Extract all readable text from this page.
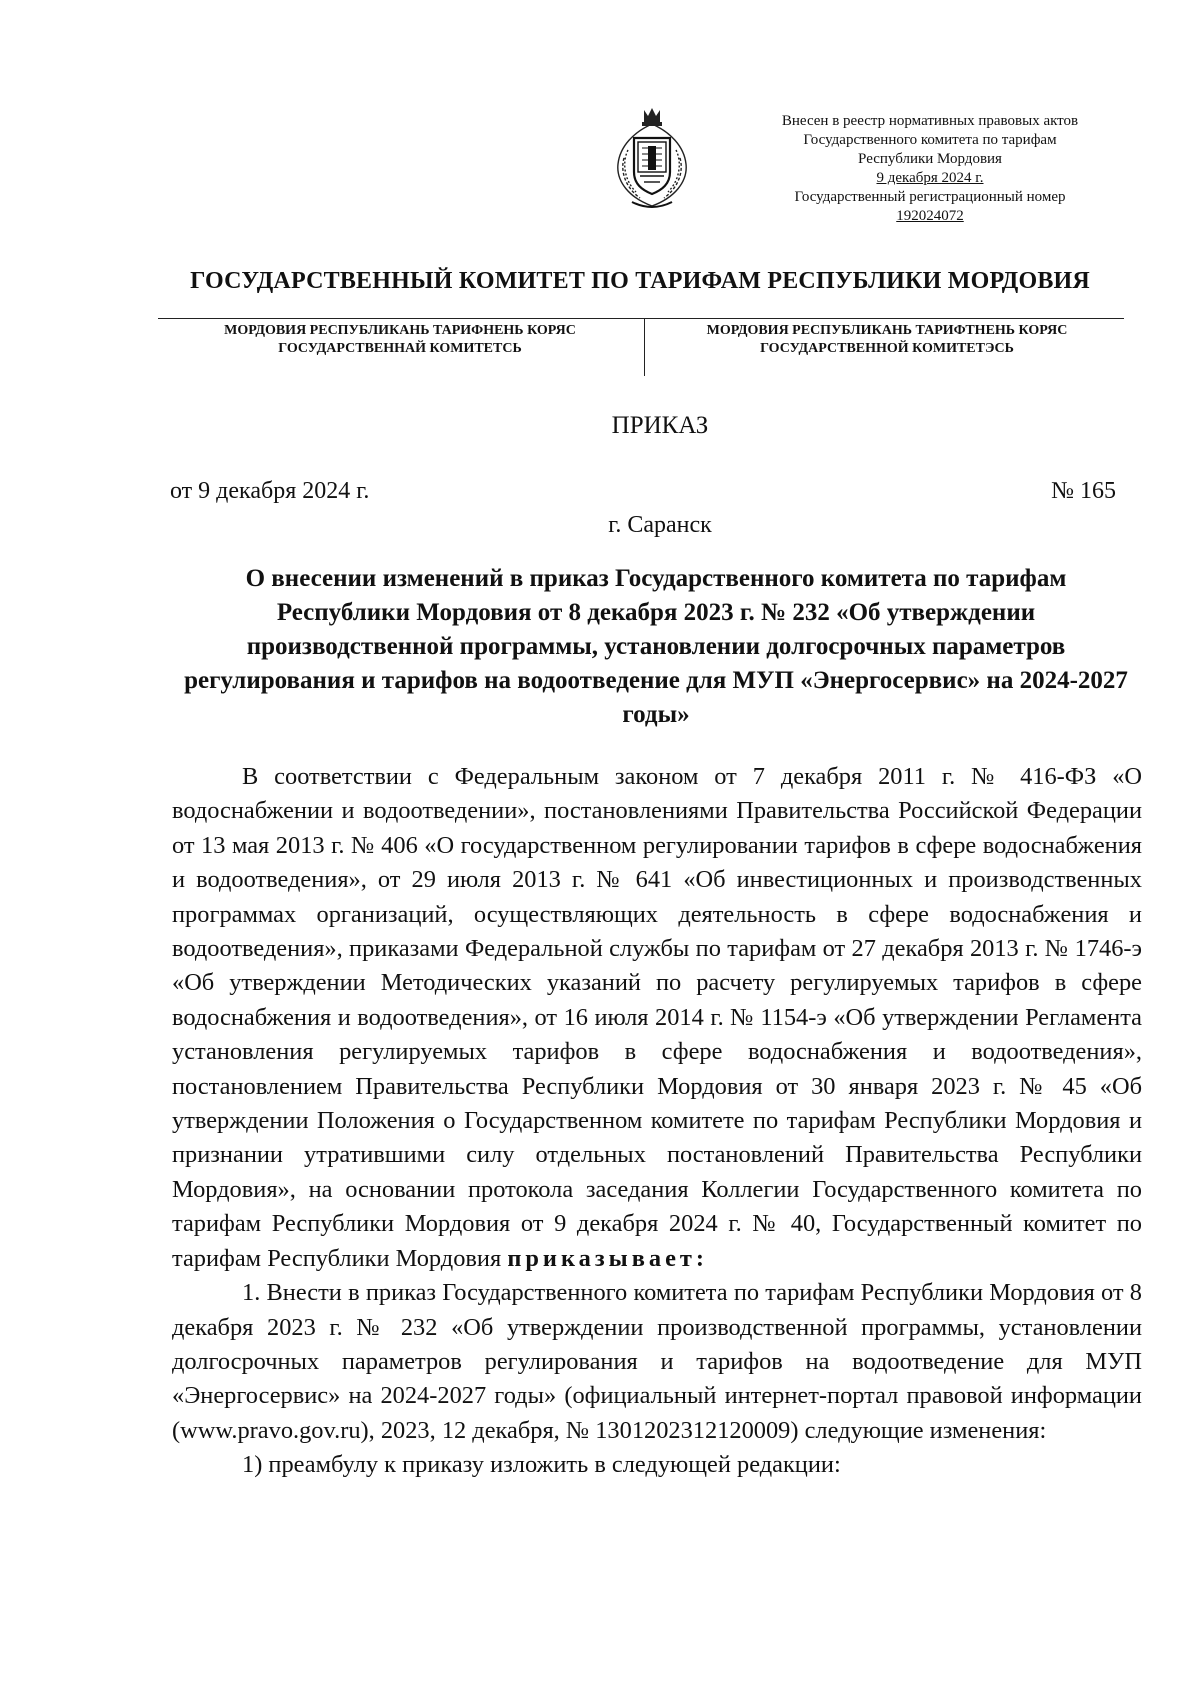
Внесен в реестр нормативных правовых актов
Государственного комитета по тарифам
Республики Мордовия
9 декабря 2024 г.
Государственный регистрационный номер
192024072
ГОСУДАРСТВЕННЫЙ КОМИТЕТ ПО ТАРИФАМ РЕСПУБЛИКИ МОРДОВИЯ
МОРДОВИЯ РЕСПУБЛИКАНЬ ТАРИФНЕНЬ КОРЯС
ГОСУДАРСТВЕННАЙ КОМИТЕТСЬ
МОРДОВИЯ РЕСПУБЛИКАНЬ ТАРИФТНЕНЬ КОРЯС
ГОСУДАРСТВЕННОЙ КОМИТЕТЭСЬ
ПРИКАЗ
от 9 декабря 2024 г.	№ 165
г. Саранск
О внесении изменений в приказ Государственного комитета по тарифам Республики Мордовия от 8 декабря 2023 г. № 232 «Об утверждении производственной программы, установлении долгосрочных параметров регулирования и тарифов на водоотведение для МУП «Энергосервис» на 2024-2027 годы»

В соответствии с Федеральным законом от 7 декабря 2011 г. № 416-ФЗ «О водоснабжении и водоотведении», постановлениями Правительства Российской Федерации от 13 мая 2013 г. № 406 «О государственном регулировании тарифов в сфере водоснабжения и водоотведения», от 29 июля 2013 г. № 641 «Об инвестиционных и производственных программах организаций, осуществляющих деятельность в сфере водоснабжения и водоотведения», приказами Федеральной службы по тарифам от 27 декабря 2013 г. № 1746-э «Об утверждении Методических указаний по расчету регулируемых тарифов в сфере водоснабжения и водоотведения», от 16 июля 2014 г. № 1154-э «Об утверждении Регламента установления регулируемых тарифов в сфере водоснабжения и водоотведения», постановлением Правительства Республики Мордовия от 30 января 2023 г. № 45 «Об утверждении Положения о Государственном комитете по тарифам Республики Мордовия и признании утратившими силу отдельных постановлений Правительства Республики Мордовия», на основании протокола заседания Коллегии Государственного комитета по тарифам Республики Мордовия от 9 декабря 2024 г. № 40, Государственный комитет по тарифам Республики Мордовия приказывает:

1. Внести в приказ Государственного комитета по тарифам Республики Мордовия от 8 декабря 2023 г. № 232 «Об утверждении производственной программы, установлении долгосрочных параметров регулирования и тарифов на водоотведение для МУП «Энергосервис» на 2024-2027 годы» (официальный интернет-портал правовой информации (www.pravo.gov.ru), 2023, 12 декабря, № 1301202312120009) следующие изменения:

1) преамбулу к приказу изложить в следующей редакции:
